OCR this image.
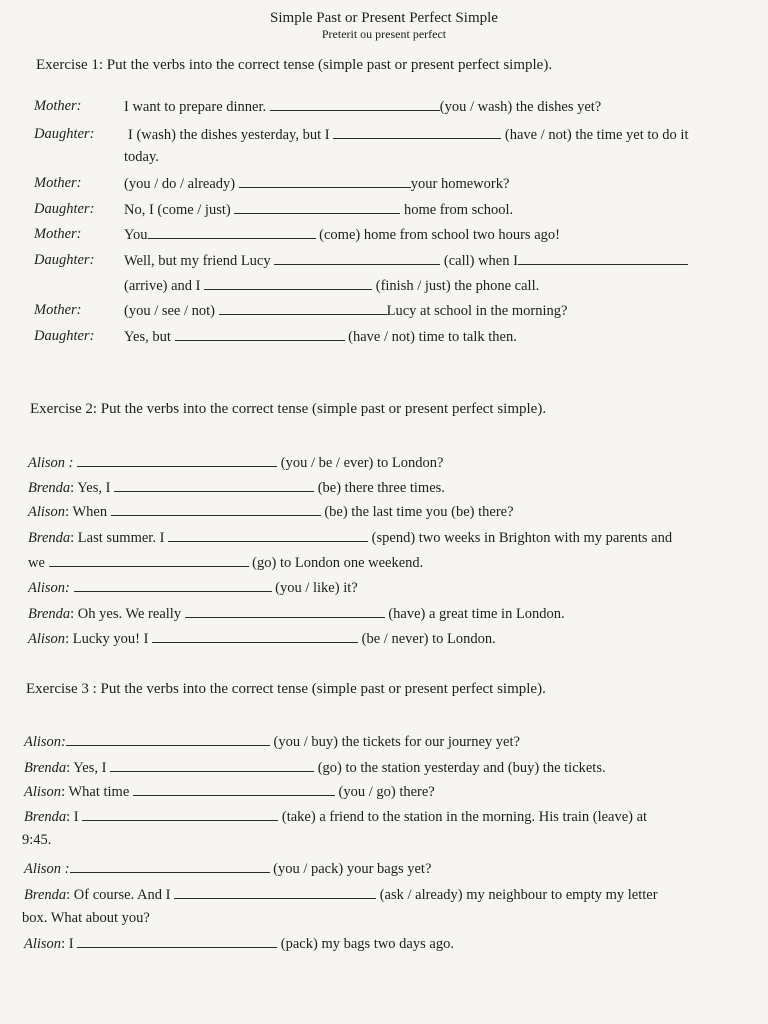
Simple Past or Present Perfect Simple
Preterit ou present perfect
Exercise 1: Put the verbs into the correct tense (simple past or present perfect simple).
Mother:	I want to prepare dinner.	(you / wash) the dishes yet?
Daughter: I (wash) the dishes yesterday, but I	(have / not) the time yet to do it
today.
Mother:	(you / do / already)	your homework?
Daughter: No, I (come / just)	home from school.
Mother:	You	(come) home from school two hours ago!
Daughter: Well, but my friend Lucy	(call) when I
(arrive) and I	(finish / just) the phone call.
Mother:	(you / see / not)	Lucy at school in the morning?
Daughter: Yes, but	(have / not) time to talk then.
Exercise 2: Put the verbs into the correct tense (simple past or present perfect simple).
Alison :	(you / be / ever) to London?
Brenda: Yes, I	(be) there three times.
Alison: When	(be) the last time you (be) there?
Brenda: Last summer. I	(spend) two weeks in Brighton with my parents and
we	(go) to London one weekend.
Alison:	(you / like) it?
Brenda: Oh yes. We really	(have) a great time in London.
Alison: Lucky you! I	(be / never) to London.
Exercise 3 : Put the verbs into the correct tense (simple past or present perfect simple).
Alison:	(you / buy) the tickets for our journey yet?
Brenda: Yes, I	(go) to the station yesterday and (buy) the tickets.
Alison: What time	(you / go) there?
Brenda: I	(take) a friend to the station in the morning. His train (leave) at
9:45.
Alison :	(you / pack) your bags yet?
Brenda: Of course. And I	(ask / already) my neighbour to empty my letter
box. What about you?
Alison: I	(pack) my bags two days ago.
